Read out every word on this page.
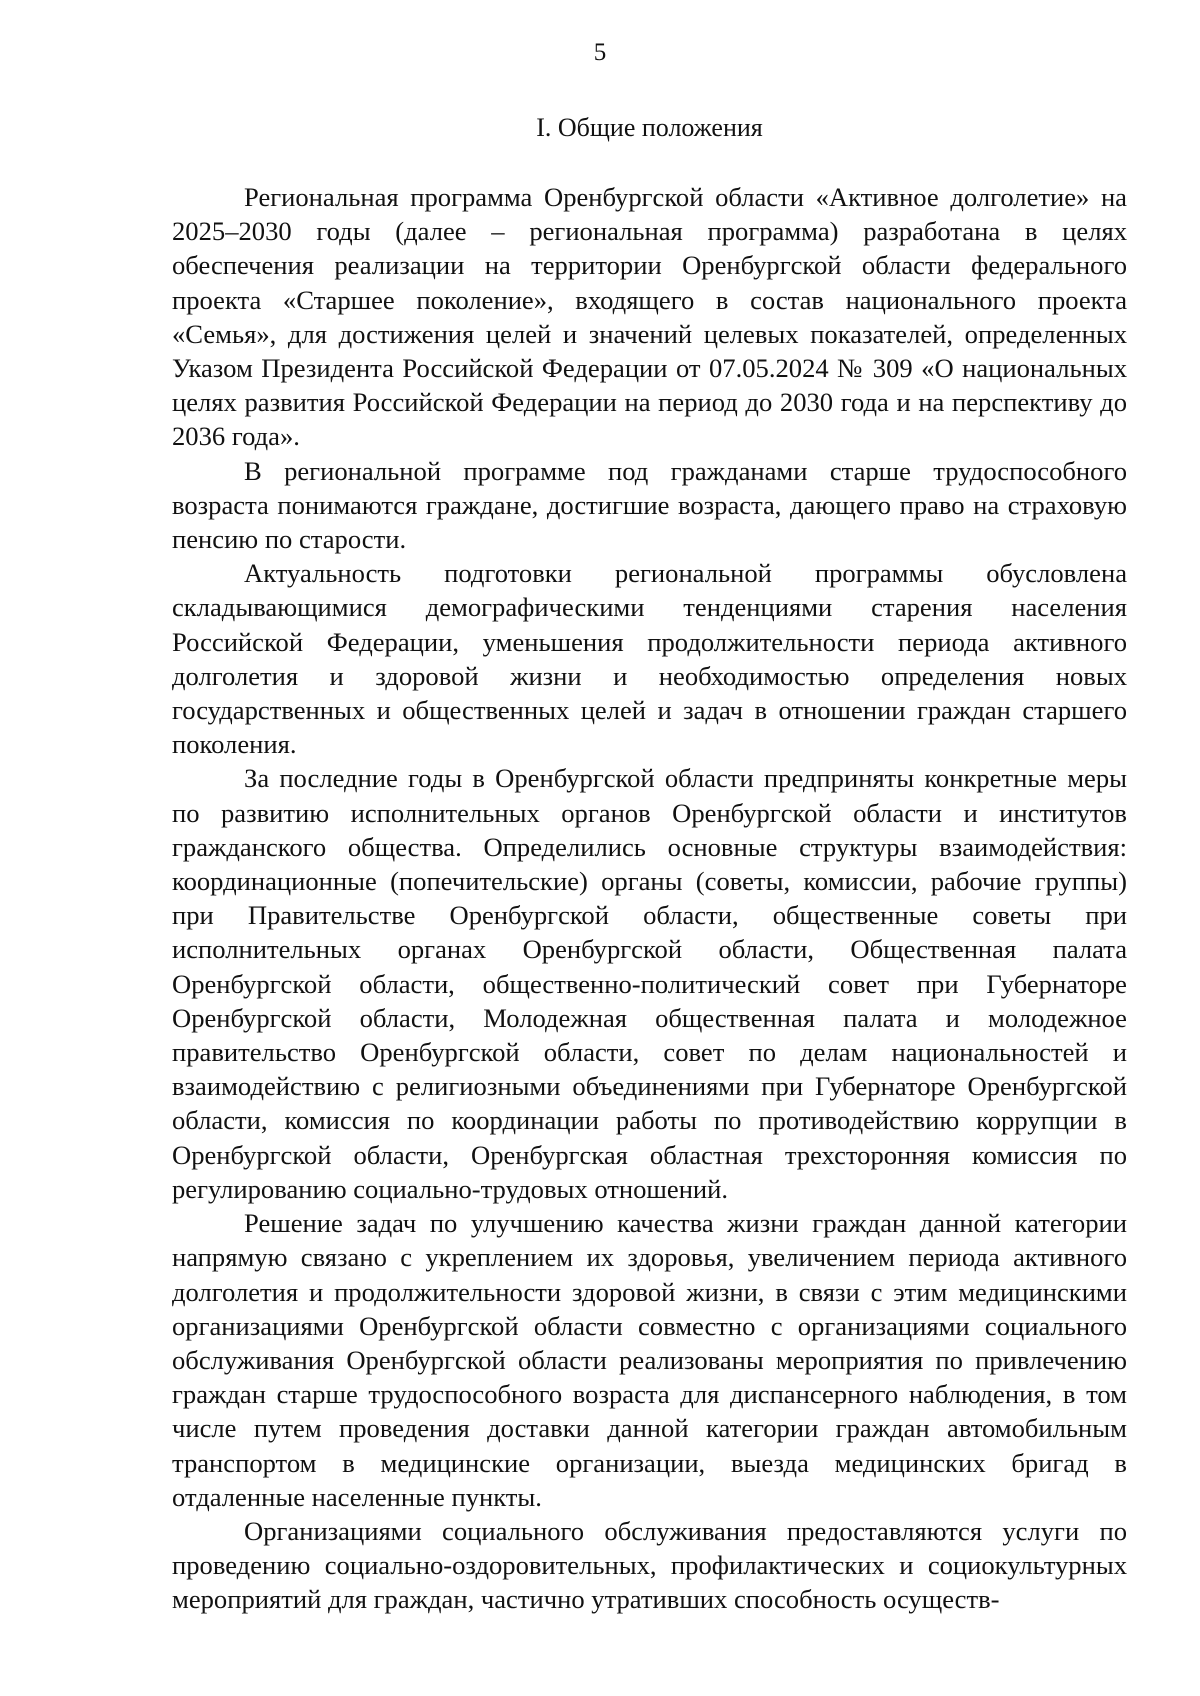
5
I. Общие положения

Региональная программа Оренбургской области «Активное долголетие» на 2025–2030 годы (далее – региональная программа) разработана в целях обеспечения реализации на территории Оренбургской области федерального проекта «Старшее поколение», входящего в состав национального проекта «Семья», для достижения целей и значений целевых показателей, определенных Указом Президента Российской Федерации от 07.05.2024 № 309 «О национальных целях развития Российской Федерации на период до 2030 года и на перспективу до 2036 года».

В региональной программе под гражданами старше трудоспособного возраста понимаются граждане, достигшие возраста, дающего право на страховую пенсию по старости.

Актуальность подготовки региональной программы обусловлена складывающимися демографическими тенденциями старения населения Российской Федерации, уменьшения продолжительности периода активного долголетия и здоровой жизни и необходимостью определения новых государственных и общественных целей и задач в отношении граждан старшего поколения.

За последние годы в Оренбургской области предприняты конкретные меры по развитию исполнительных органов Оренбургской области и институтов гражданского общества. Определились основные структуры взаимодействия: координационные (попечительские) органы (советы, комиссии, рабочие группы) при Правительстве Оренбургской области, общественные советы при исполнительных органах Оренбургской области, Общественная палата Оренбургской области, общественно-политический совет при Губернаторе Оренбургской области, Молодежная общественная палата и молодежное правительство Оренбургской области, совет по делам национальностей и взаимодействию с религиозными объединениями при Губернаторе Оренбургской области, комиссия по координации работы по противодействию коррупции в Оренбургской области, Оренбургская областная трехсторонняя комиссия по регулированию социально-трудовых отношений.

Решение задач по улучшению качества жизни граждан данной категории напрямую связано с укреплением их здоровья, увеличением периода активного долголетия и продолжительности здоровой жизни, в связи с этим медицинскими организациями Оренбургской области совместно с организациями социального обслуживания Оренбургской области реализованы мероприятия по привлечению граждан старше трудоспособного возраста для диспансерного наблюдения, в том числе путем проведения доставки данной категории граждан автомобильным транспортом в медицинские организации, выезда медицинских бригад в отдаленные населенные пункты.

Организациями социального обслуживания предоставляются услуги по проведению социально-оздоровительных, профилактических и социокультурных мероприятий для граждан, частично утративших способность осуществ-
